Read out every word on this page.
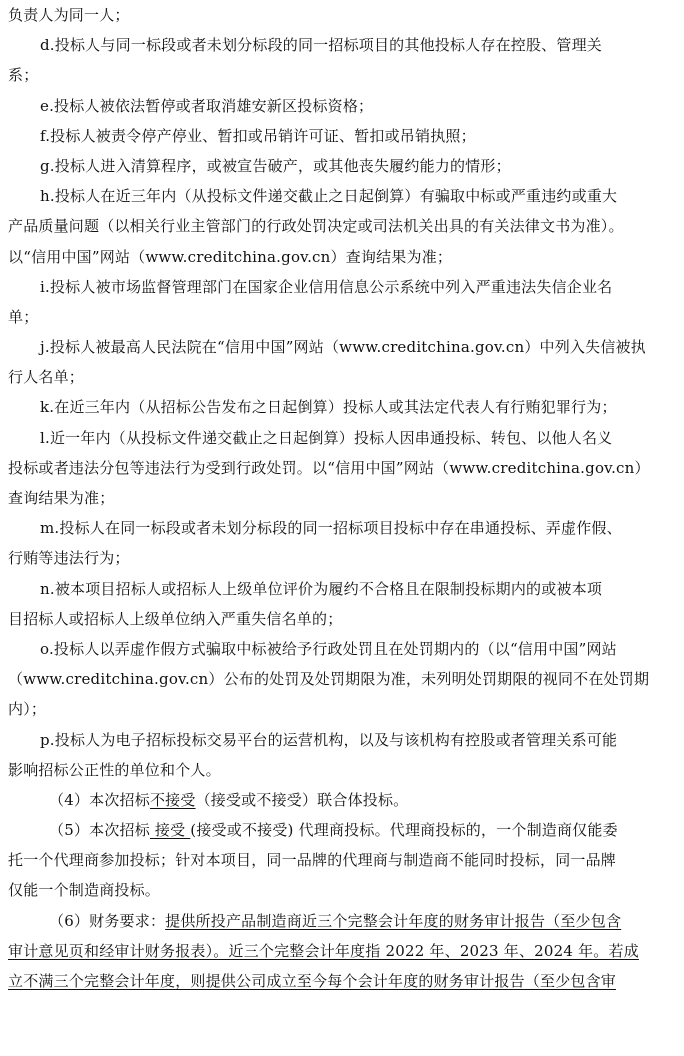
负责人为同一人；
d.投标人与同一标段或者未划分标段的同一招标项目的其他投标人存在控股、管理关
系；
e.投标人被依法暂停或者取消雄安新区投标资格；
f.投标人被责令停产停业、暂扣或吊销许可证、暂扣或吊销执照；
g.投标人进入清算程序，或被宣告破产，或其他丧失履约能力的情形；
h.投标人在近三年内（从投标文件递交截止之日起倒算）有骗取中标或严重违约或重大
产品质量问题（以相关行业主管部门的行政处罚决定或司法机关出具的有关法律文书为准）。
以“信用中国”网站（www.creditchina.gov.cn）查询结果为准；
i.投标人被市场监督管理部门在国家企业信用信息公示系统中列入严重违法失信企业名
单；
j.投标人被最高人民法院在“信用中国”网站（www.creditchina.gov.cn）中列入失信被执
行人名单；
k.在近三年内（从招标公告发布之日起倒算）投标人或其法定代表人有行贿犯罪行为；
l.近一年内（从投标文件递交截止之日起倒算）投标人因串通投标、转包、以他人名义
投标或者违法分包等违法行为受到行政处罚。以“信用中国”网站（www.creditchina.gov.cn）
查询结果为准；
m.投标人在同一标段或者未划分标段的同一招标项目投标中存在串通投标、弄虚作假、
行贿等违法行为；
n.被本项目招标人或招标人上级单位评价为履约不合格且在限制投标期内的或被本项
目招标人或招标人上级单位纳入严重失信名单的；
o.投标人以弄虚作假方式骗取中标被给予行政处罚且在处罚期内的（以“信用中国”网站
（www.creditchina.gov.cn）公布的处罚及处罚期限为准，未列明处罚期限的视同不在处罚期
内）；
p.投标人为电子招标投标交易平台的运营机构，以及与该机构有控股或者管理关系可能
影响招标公正性的单位和个人。
（4）本次招标不接受（接受或不接受）联合体投标。
（5）本次招标 接受 (接受或不接受) 代理商投标。代理商投标的，一个制造商仅能委
托一个代理商参加投标；针对本项目，同一品牌的代理商与制造商不能同时投标，同一品牌
仅能一个制造商投标。
（6）财务要求：提供所投产品制造商近三个完整会计年度的财务审计报告（至少包含
审计意见页和经审计财务报表）。近三个完整会计年度指 2022 年、2023 年、2024 年。若成
立不满三个完整会计年度，则提供公司成立至今每个会计年度的财务审计报告（至少包含审
